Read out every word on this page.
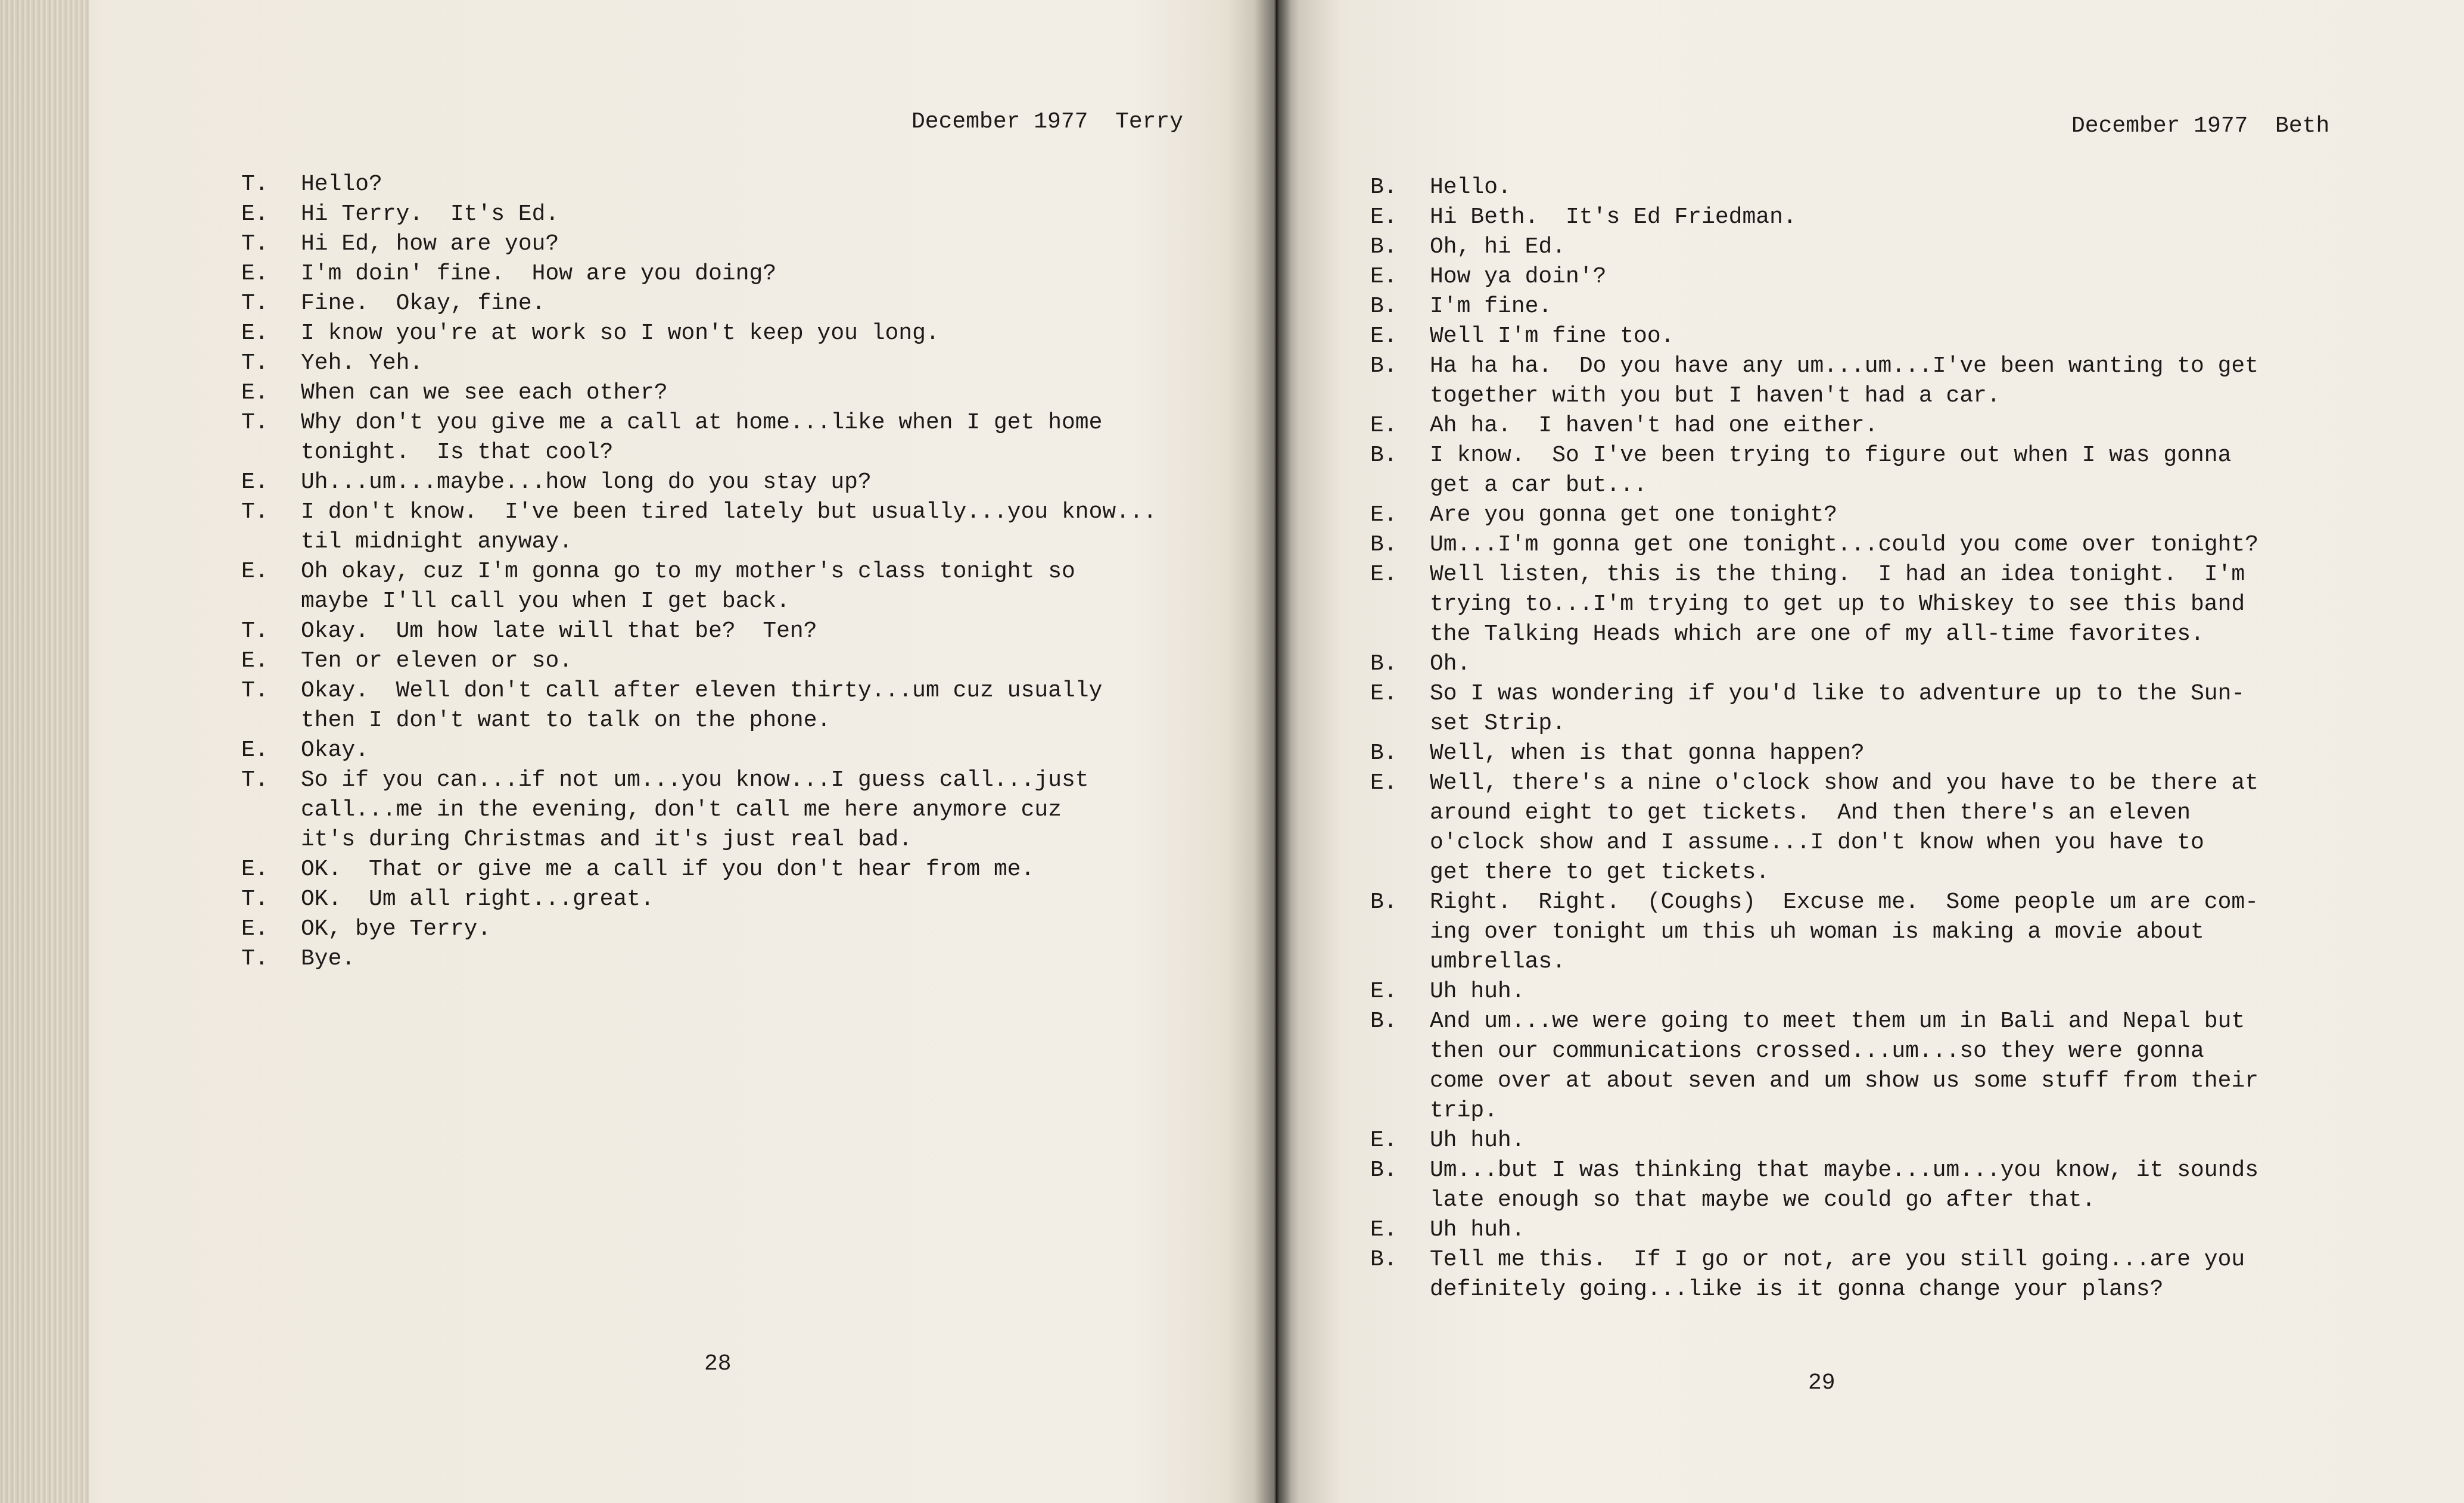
December 1977  Terry
T.	Hello?
E.	Hi Terry.  It's Ed.
T.	Hi Ed, how are you?
E.	I'm doin' fine.  How are you doing?
T.	Fine.  Okay, fine.
E.	I know you're at work so I won't keep you long.
T.	Yeh. Yeh.
E.	When can we see each other?
T.	Why don't you give me a call at home...like when I get home
tonight.  Is that cool?
E.	Uh...um...maybe...how long do you stay up?
T.	I don't know.  I've been tired lately but usually...you know...
til midnight anyway.
E.	Oh okay, cuz I'm gonna go to my mother's class tonight so
maybe I'll call you when I get back.
T.	Okay.  Um how late will that be?  Ten?
E.	Ten or eleven or so.
T.	Okay.  Well don't call after eleven thirty...um cuz usually
then I don't want to talk on the phone.
E.	Okay.
T.	So if you can...if not um...you know...I guess call...just
call...me in the evening, don't call me here anymore cuz
it's during Christmas and it's just real bad.
E.	OK.  That or give me a call if you don't hear from me.
T.	OK.  Um all right...great.
E.	OK, bye Terry.
T.	Bye.
28
December 1977  Beth
B.	Hello.
E.	Hi Beth.  It's Ed Friedman.
B.	Oh, hi Ed.
E.	How ya doin'?
B.	I'm fine.
E.	Well I'm fine too.
B.	Ha ha ha.  Do you have any um...um...I've been wanting to get
together with you but I haven't had a car.
E.	Ah ha.  I haven't had one either.
B.	I know.  So I've been trying to figure out when I was gonna
get a car but...
E.	Are you gonna get one tonight?
B.	Um...I'm gonna get one tonight...could you come over tonight?
E.	Well listen, this is the thing.  I had an idea tonight.  I'm
trying to...I'm trying to get up to Whiskey to see this band
the Talking Heads which are one of my all-time favorites.
B.	Oh.
E.	So I was wondering if you'd like to adventure up to the Sun-
set Strip.
B.	Well, when is that gonna happen?
E.	Well, there's a nine o'clock show and you have to be there at
around eight to get tickets.  And then there's an eleven
o'clock show and I assume...I don't know when you have to
get there to get tickets.
B.	Right.  Right.  (Coughs)  Excuse me.  Some people um are com-
ing over tonight um this uh woman is making a movie about
umbrellas.
E.	Uh huh.
B.	And um...we were going to meet them um in Bali and Nepal but
then our communications crossed...um...so they were gonna
come over at about seven and um show us some stuff from their
trip.
E.	Uh huh.
B.	Um...but I was thinking that maybe...um...you know, it sounds
late enough so that maybe we could go after that.
E.	Uh huh.
B.	Tell me this.  If I go or not, are you still going...are you
definitely going...like is it gonna change your plans?
29
